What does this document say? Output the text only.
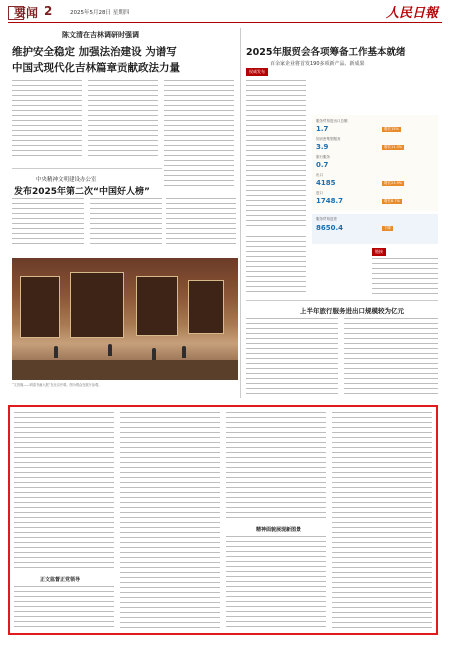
要闻 2	2025年5月28日 星期四	人民日報
陈文清在吉林调研时强调
维护安全稳定 加强法治建设 为谱写
中国式现代化吉林篇章贡献政法力量
中央精神文明建设办公室
发布2025年第二次“中国好人榜”
“文昌阁——明清书画大展”在北京开幕。图为观众在展厅参观。
2025年服贸会各项筹备工作基本就绪
百余家企业将首发190多项新产品、新成果
权威发布
服务贸易进出口总额
1.7	增长15%
知识密集型服务
3.9	增长11.5%
旅行服务
0.7
出口
4185	增长23.9%
进口
1748.7	增长8.7%
服务贸易逆差
8650.4	下降
链接
上半年旅行服务进出口规模较为亿元
正文监督正党领导
精神面貌展现新图景
